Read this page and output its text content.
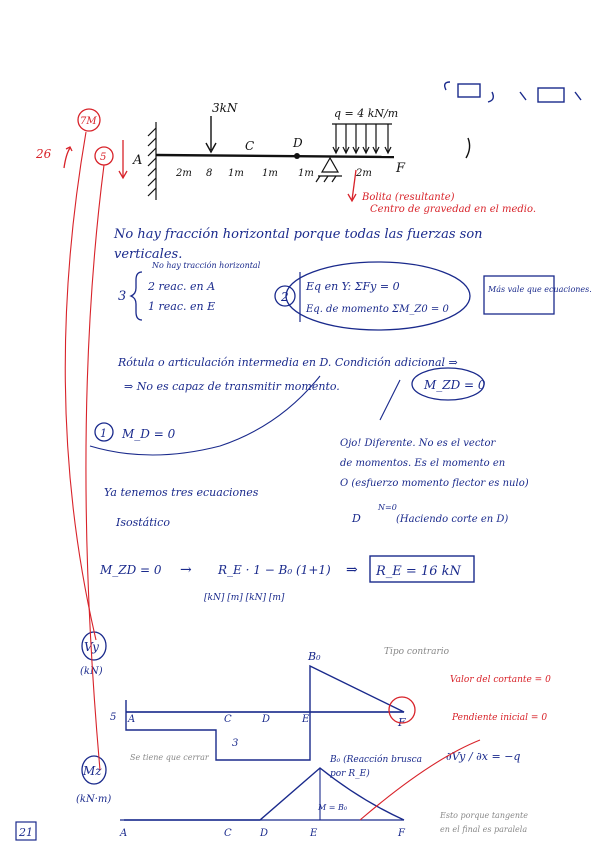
3kN	q = 4 kN/m
A
C	D
F
2m 8 1m 1m 1m	2m
7M
5
26
Bolita (resultante)
Centro de gravedad en el medio.
No hay fracción horizontal porque todas las fuerzas son
verticales.
No hay tracción horizontal
3
2 reac. en A
1 reac. en E
2
Eq en Y: ΣFy = 0
Eq. de momento ΣM_Z0 = 0
Más vale que ecuaciones.
Rótula o articulación intermedia en D. Condición adicional ⇒
⇒ No es capaz de transmitir momento.	M_ZD = 0
1 M_D = 0
Ojo! Diferente. No es el vector
de momentos. Es el momento en
O (esfuerzo momento flector es nulo)
D
N=0
(Haciendo corte en D)
Ya tenemos tres ecuaciones
Isostático
M_ZD = 0 → R_E · 1 − B₀ (1+1)
[kN] [m] [kN] [m]
⇒ R_E = 16 kN
Vy
(kN)
B₀	Tipo contrario
5
3
Se tiene que cerrar
A	C	D	E	F
Valor del cortante = 0
Pendiente inicial = 0
∂Vy / ∂x = −q
Mz
(kN·m)
B₀ (Reacción brusca
por R_E)
M = B₀
Esto porque tangente
en el final es paralela
A	C	D	E	F
21
